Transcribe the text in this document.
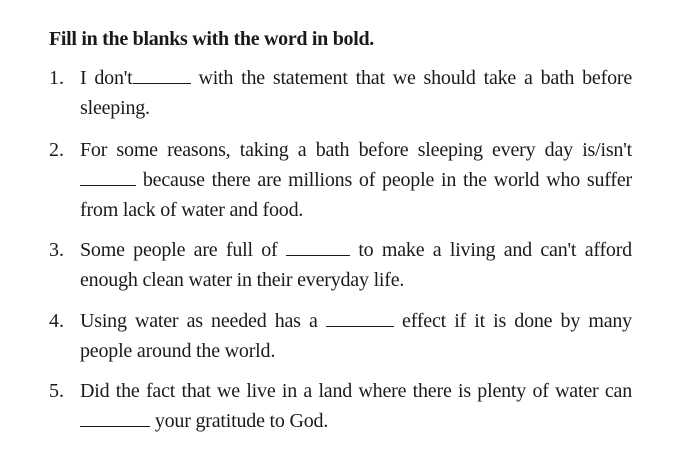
Fill in the blanks with the word in bold.
1. I don't	with the statement that we should take a bath before
sleeping.
2. For some reasons, taking a bath before sleeping every day is/isn't
because there are millions of people in the world who suffer
from lack of water and food.
3. Some people are full of	to make a living and can't afford
enough clean water in their everyday life.
4. Using water as needed has a	effect if it is done by many
people around the world.
5. Did the fact that we live in a land where there is plenty of water can
your gratitude to God.
